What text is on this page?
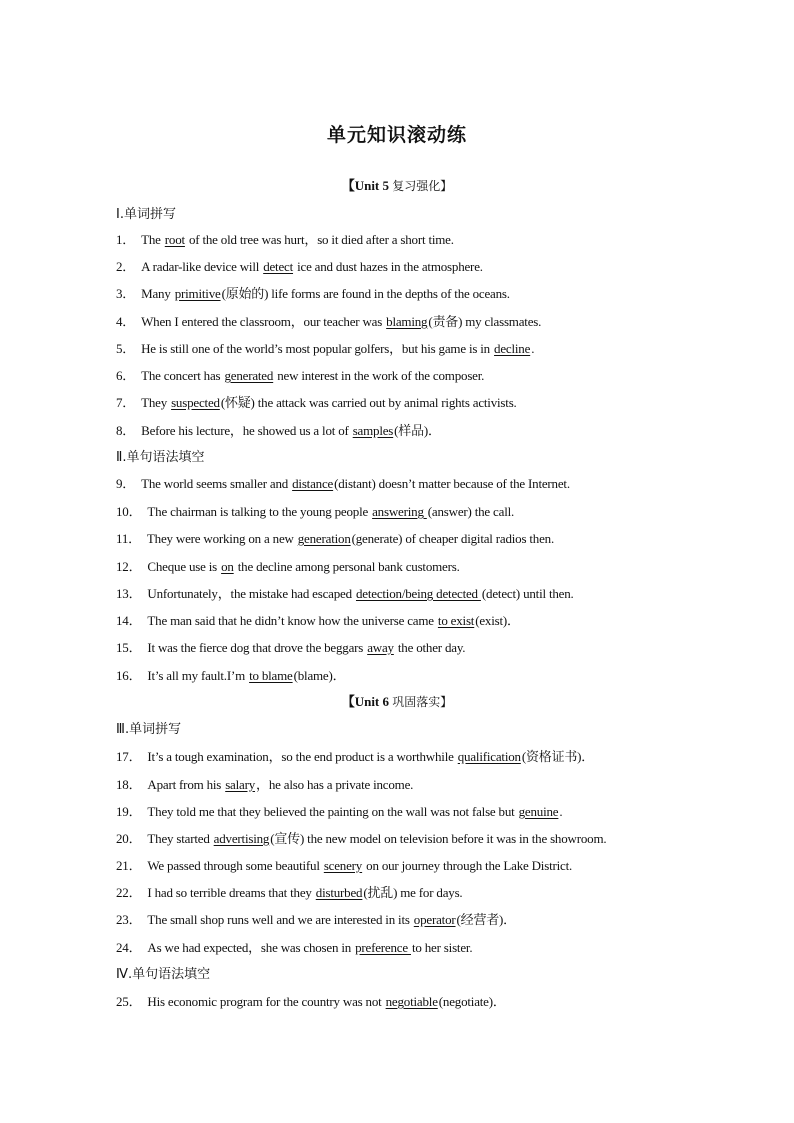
单元知识滚动练
【Unit 5 复习强化】
Ⅰ.单词拼写
Ⅱ.单句语法填空
【Unit 6 巩固落实】
Ⅲ.单词拼写
Ⅳ.单句语法填空
1． The root of the old tree was hurt，so it died after a short time.
2． A radar-like device will detect ice and dust hazes in the atmosphere.
3． Many primitive(原始的) life forms are found in the depths of the oceans.
4． When I entered the classroom，our teacher was blaming(责备) my classmates.
5． He is still one of the world’s most popular golfers，but his game is in decline.
6． The concert has generated new interest in the work of the composer.
7． They suspected(怀疑) the attack was carried out by animal rights activists.
8． Before his lecture，he showed us a lot of samples(样品)．
9． The world seems smaller and distance(distant) doesn’t matter because of the Internet.
10． The chairman is talking to the young people answering (answer) the call.
11． They were working on a new generation(generate) of cheaper digital radios then.
12． Cheque use is on the decline among personal bank customers.
13． Unfortunately，the mistake had escaped detection/being detected (detect) until then.
14． The man said that he didn’t know how the universe came to exist(exist)．
15． It was the fierce dog that drove the beggars away the other day.
16． It’s all my fault.I’m to blame(blame)．
17． It’s a tough examination，so the end product is a worthwhile qualification(资格证书)．
18． Apart from his salary，he also has a private income.
19． They told me that they believed the painting on the wall was not false but genuine.
20． They started advertising(宣传) the new model on television before it was in the showroom.
21． We passed through some beautiful scenery on our journey through the Lake District.
22． I had so terrible dreams that they disturbed(扰乱) me for days.
23． The small shop runs well and we are interested in its operator(经营者)．
24． As we had expected，she was chosen in preference to her sister.
25． His economic program for the country was not negotiable(negotiate)．
